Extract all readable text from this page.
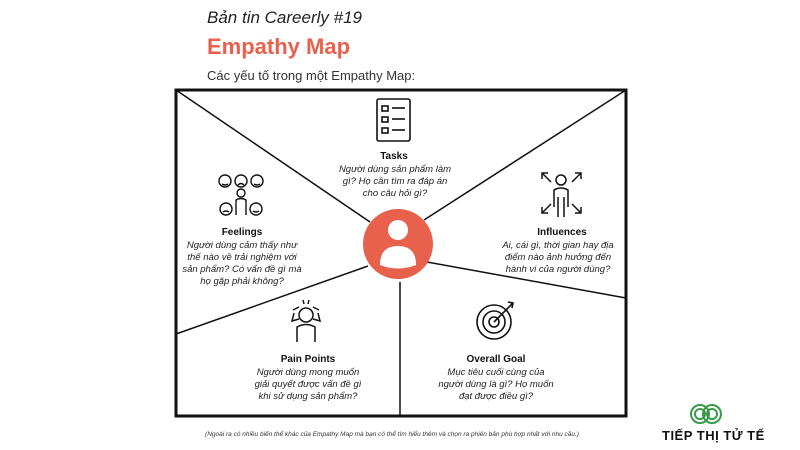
Bản tin Careerly #19
Empathy Map
Các yếu tố trong một Empathy Map:
Tasks
Người dùng sản phẩm làm
gì? Họ cần tìm ra đáp án
cho câu hỏi gì?
Feelings
Người dùng cảm thấy như
thế nào về trải nghiệm với
sản phẩm? Có vấn đề gì mà
họ gặp phải không?
Influences
Ai, cái gì, thời gian hay địa
điểm nào ảnh hưởng đến
hành vi của người dùng?
Pain Points
Người dùng mong muốn
giải quyết được vấn đề gì
khi sử dụng sản phẩm?
Overall Goal
Mục tiêu cuối cùng của
người dùng là gì? Họ muốn
đạt được điều gì?
(Ngoài ra có nhiều biến thể khác của Empathy Map mà bạn có thể tìm hiểu thêm và chọn ra phiên bản phù hợp nhất với nhu cầu.)	TIẾP THỊ TỬ TẾ
